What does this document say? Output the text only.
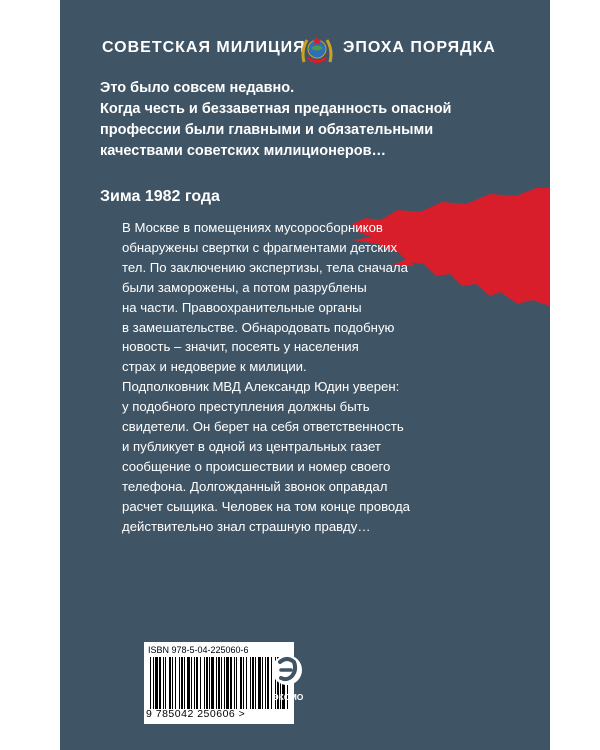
СОВЕТСКАЯ МИЛИЦИЯ ЭПОХА ПОРЯДКА
Это было совсем недавно.
Когда честь и беззаветная преданность опасной
профессии были главными и обязательными
качествами советских милиционеров…
Зима 1982 года
В Москве в помещениях мусоросборников
обнаружены свертки с фрагментами детских
тел. По заключению экспертизы, тела сначала
были заморожены, а потом разрублены
на части. Правоохранительные органы
в замешательстве. Обнародовать подобную
новость – значит, посеять у населения
страх и недоверие к милиции.
Подполковник МВД Александр Юдин уверен:
у подобного преступления должны быть
свидетели. Он берет на себя ответственность
и публикует в одной из центральных газет
сообщение о происшествии и номер своего
телефона. Долгожданный звонок оправдал
расчет сыщика. Человек на том конце провода
действительно знал страшную правду…
ISBN 978-5-04-225060-6
9 785042 250606 >
ЭКСМО
